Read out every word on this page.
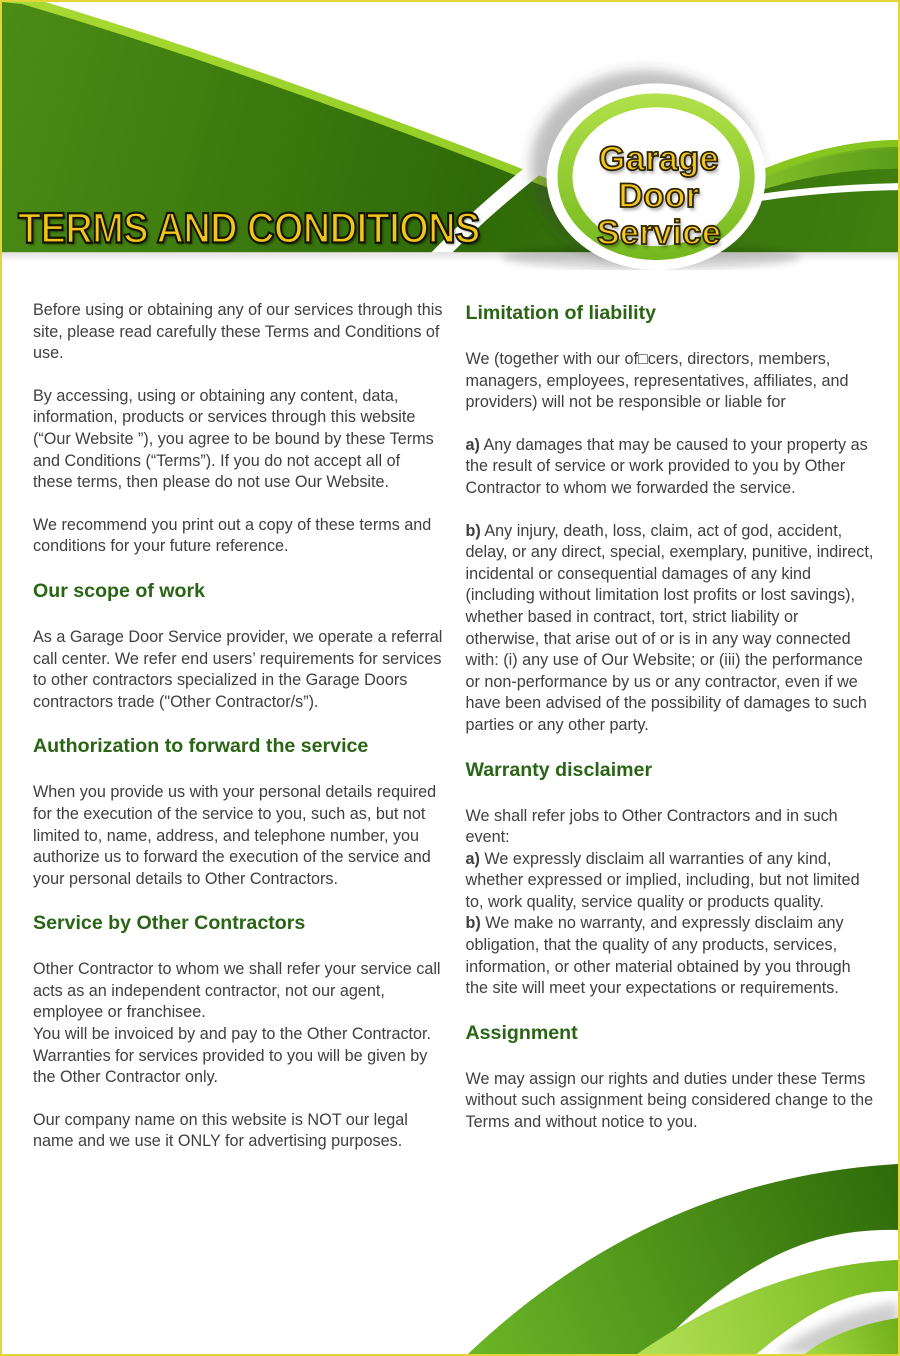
TERMS AND CONDITIONS
Garage
Door
Service

Before using or obtaining any of our services through this site, please read carefully these Terms and Conditions of use.

By accessing, using or obtaining any content, data, information, products or services through this website (“Our Website ”), you agree to be bound by these Terms and Conditions (“Terms”). If you do not accept all of these terms, then please do not use Our Website.

We recommend you print out a copy of these terms and conditions for your future reference.

Our scope of work

As a Garage Door Service provider, we operate a referral call center. We refer end users’ requirements for services to other contractors specialized in the Garage Doors contractors trade ("Other Contractor/s”).

Authorization to forward the service

When you provide us with your personal details required for the execution of the service to you, such as, but not limited to, name, address, and telephone number, you authorize us to forward the execution of the service and your personal details to Other Contractors.

Service by Other Contractors

Other Contractor to whom we shall refer your service call acts as an independent contractor, not our agent, employee or franchisee.
You will be invoiced by and pay to the Other Contractor.
Warranties for services provided to you will be given by the Other Contractor only.

Our company name on this website is NOT our legal name and we use it ONLY for advertising purposes.

Limitation of liability

We (together with our of□cers, directors, members, managers, employees, representatives, affiliates, and providers) will not be responsible or liable for

a) Any damages that may be caused to your property as the result of service or work provided to you by Other Contractor to whom we forwarded the service.

b) Any injury, death, loss, claim, act of god, accident, delay, or any direct, special, exemplary, punitive, indirect, incidental or consequential damages of any kind (including without limitation lost profits or lost savings), whether based in contract, tort, strict liability or otherwise, that arise out of or is in any way connected with: (i) any use of Our Website; or (iii) the performance or non-performance by us or any contractor, even if we have been advised of the possibility of damages to such parties or any other party.

Warranty disclaimer

We shall refer jobs to Other Contractors and in such event:
a) We expressly disclaim all warranties of any kind, whether expressed or implied, including, but not limited to, work quality, service quality or products quality.
b) We make no warranty, and expressly disclaim any obligation, that the quality of any products, services, information, or other material obtained by you through the site will meet your expectations or requirements.

Assignment

We may assign our rights and duties under these Terms without such assignment being considered change to the Terms and without notice to you.
